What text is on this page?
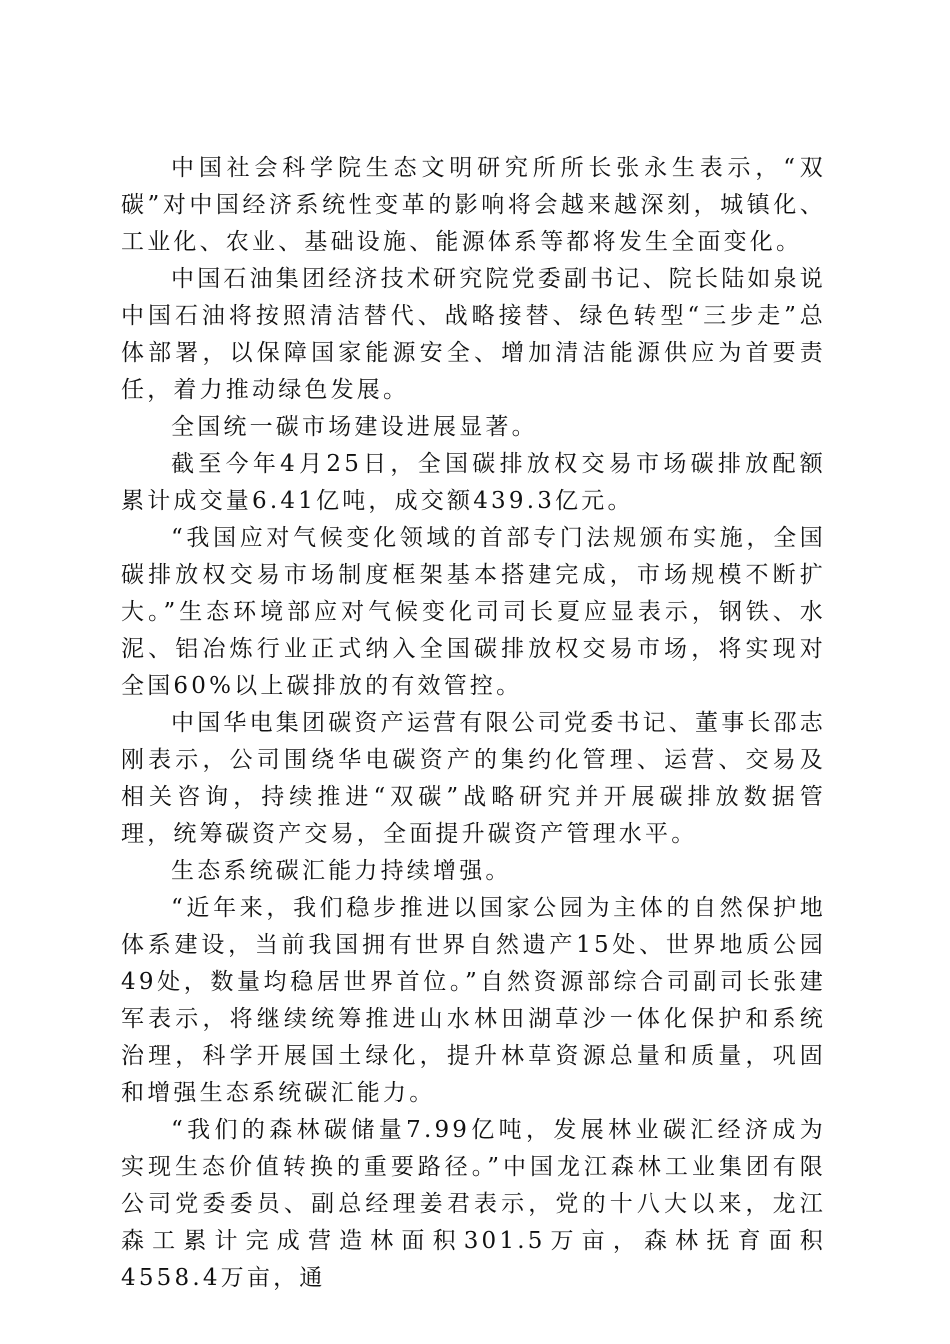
中国社会科学院生态文明研究所所长张永生表示，“双碳”对中国经济系统性变革的影响将会越来越深刻，城镇化、工业化、农业、基础设施、能源体系等都将发生全面变化。

中国石油集团经济技术研究院党委副书记、院长陆如泉说中国石油将按照清洁替代、战略接替、绿色转型“三步走”总体部署，以保障国家能源安全、增加清洁能源供应为首要责任，着力推动绿色发展。

全国统一碳市场建设进展显著。

截至今年4月25日，全国碳排放权交易市场碳排放配额累计成交量6.41亿吨，成交额439.3亿元。

“我国应对气候变化领域的首部专门法规颁布实施，全国碳排放权交易市场制度框架基本搭建完成，市场规模不断扩大。”生态环境部应对气候变化司司长夏应显表示，钢铁、水泥、铝冶炼行业正式纳入全国碳排放权交易市场，将实现对全国60%以上碳排放的有效管控。

中国华电集团碳资产运营有限公司党委书记、董事长邵志刚表示，公司围绕华电碳资产的集约化管理、运营、交易及相关咨询，持续推进“双碳”战略研究并开展碳排放数据管理，统筹碳资产交易，全面提升碳资产管理水平。

生态系统碳汇能力持续增强。

“近年来，我们稳步推进以国家公园为主体的自然保护地体系建设，当前我国拥有世界自然遗产15处、世界地质公园49处，数量均稳居世界首位。”自然资源部综合司副司长张建军表示，将继续统筹推进山水林田湖草沙一体化保护和系统治理，科学开展国土绿化，提升林草资源总量和质量，巩固和增强生态系统碳汇能力。

“我们的森林碳储量7.99亿吨，发展林业碳汇经济成为实现生态价值转换的重要路径。”中国龙江森林工业集团有限公司党委委员、副总经理姜君表示，党的十八大以来，龙江森工累计完成营造林面积301.5万亩，森林抚育面积4558.4万亩，通
